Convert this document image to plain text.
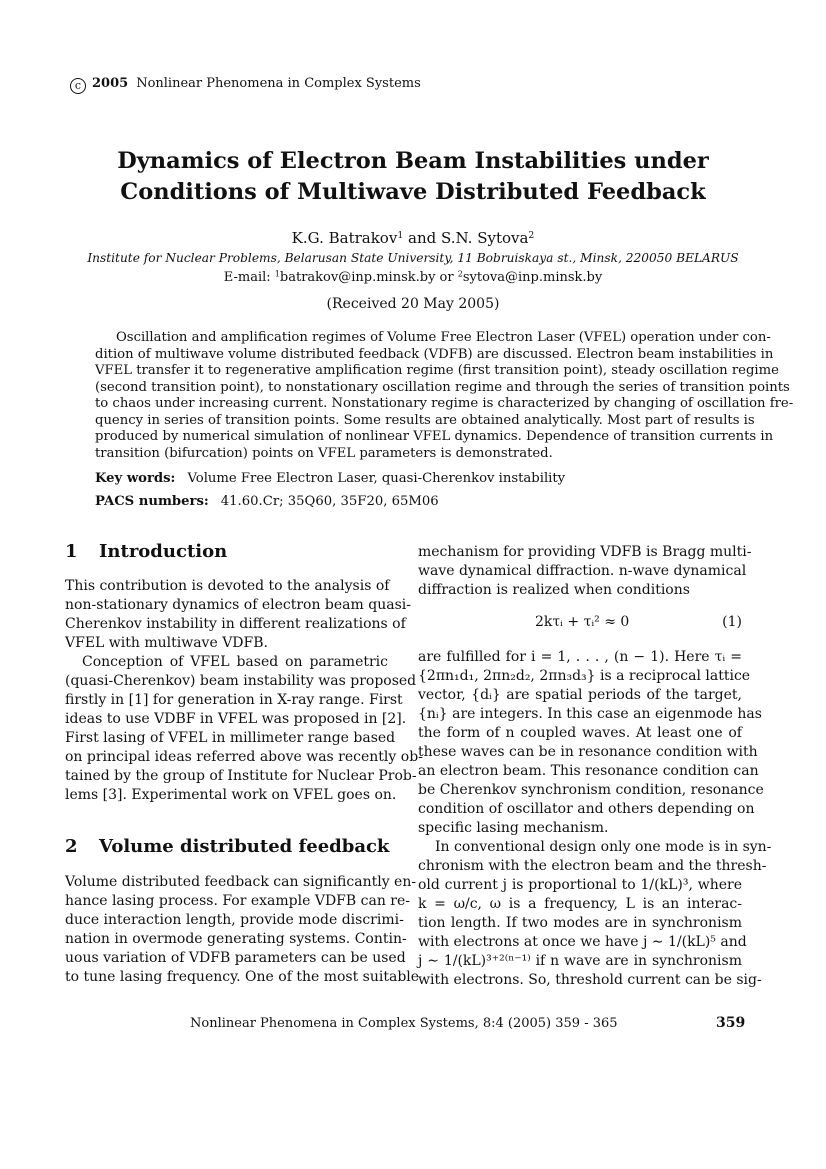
c 2005 Nonlinear Phenomena in Complex Systems
Dynamics of Electron Beam Instabilities under
Conditions of Multiwave Distributed Feedback
K.G. Batrakov$^1$ and S.N. Sytova$^2$
Institute for Nuclear Problems, Belarusan State University, 11 Bobruiskaya st., Minsk, 220050 BELARUS
E-mail: $^1$batrakov@inp.minsk.by or $^2$sytova@inp.minsk.by
(Received 20 May 2005)
Oscillation and amplification regimes of Volume Free Electron Laser (VFEL) operation under con-
dition of multiwave volume distributed feedback (VDFB) are discussed. Electron beam instabilities in
VFEL transfer it to regenerative amplification regime (first transition point), steady oscillation regime
(second transition point), to nonstationary oscillation regime and through the series of transition points
to chaos under increasing current. Nonstationary regime is characterized by changing of oscillation fre-
quency in series of transition points. Some results are obtained analytically. Most part of results is
produced by numerical simulation of nonlinear VFEL dynamics. Dependence of transition currents in
transition (bifurcation) points on VFEL parameters is demonstrated.
Key words: Volume Free Electron Laser, quasi-Cherenkov instability
PACS numbers: 41.60.Cr; 35Q60, 35F20, 65M06
1 Introduction
This contribution is devoted to the analysis of
non-stationary dynamics of electron beam quasi-
Cherenkov instability in different realizations of
VFEL with multiwave VDFB.
Conception of VFEL based on parametric
(quasi-Cherenkov) beam instability was proposed
firstly in [1] for generation in X-ray range. First
ideas to use VDBF in VFEL was proposed in [2].
First lasing of VFEL in millimeter range based
on principal ideas referred above was recently ob-
tained by the group of Institute for Nuclear Prob-
lems [3]. Experimental work on VFEL goes on.
2 Volume distributed feedback
Volume distributed feedback can significantly en-
hance lasing process. For example VDFB can re-
duce interaction length, provide mode discrimi-
nation in overmode generating systems. Contin-
uous variation of VDFB parameters can be used
to tune lasing frequency. One of the most suitable
mechanism for providing VDFB is Bragg multi-
wave dynamical diffraction. n-wave dynamical
diffraction is realized when conditions
2kτᵢ + τᵢ² ≈ 0	(1)
are fulfilled for i = 1, . . . , (n − 1). Here τᵢ =
{2πn₁d₁, 2πn₂d₂, 2πn₃d₃} is a reciprocal lattice
vector, {dᵢ} are spatial periods of the target,
{nᵢ} are integers. In this case an eigenmode has
the form of n coupled waves. At least one of
these waves can be in resonance condition with
an electron beam. This resonance condition can
be Cherenkov synchronism condition, resonance
condition of oscillator and others depending on
specific lasing mechanism.
In conventional design only one mode is in syn-
chronism with the electron beam and the thresh-
old current j is proportional to 1/(kL)³, where
k = ω/c, ω is a frequency, L is an interac-
tion length. If two modes are in synchronism
with electrons at once we have j ∼ 1/(kL)⁵ and
j ∼ 1/(kL)³⁺²⁽ⁿ⁻¹⁾ if n wave are in synchronism
with electrons. So, threshold current can be sig-
Nonlinear Phenomena in Complex Systems, 8:4 (2005) 359 - 365	359
